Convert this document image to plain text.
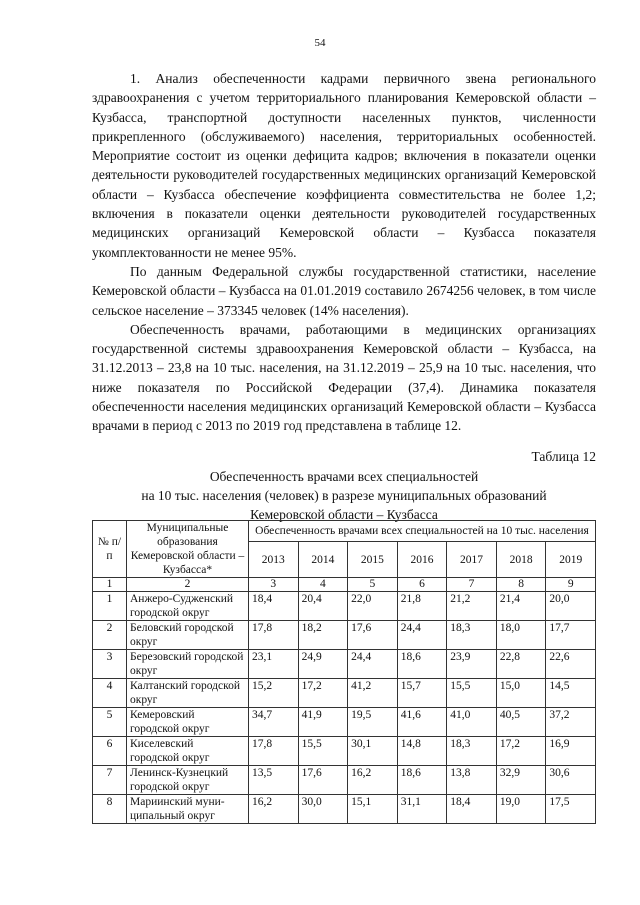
54

1. Анализ обеспеченности кадрами первичного звена регионального здравоохранения с учетом территориального планирования Кемеровской области – Кузбасса, транспортной доступности населенных пунктов, численности прикрепленного (обслуживаемого) населения, территориальных особенностей. Мероприятие состоит из оценки дефицита кадров; включения в показатели оценки деятельности руководителей государственных медицинских организаций Кемеровской области – Кузбасса обеспечение коэффициента совместительства не более 1,2; включения в показатели оценки деятельности руководителей государственных медицинских организаций Кемеровской области – Кузбасса показателя укомплектованности не менее 95%.

По данным Федеральной службы государственной статистики, население Кемеровской области – Кузбасса на 01.01.2019 составило 2674256 человек, в том числе сельское население – 373345 человек (14% населения).

Обеспеченность врачами, работающими в медицинских организациях государственной системы здравоохранения Кемеровской области – Кузбасса, на 31.12.2013 – 23,8 на 10 тыс. населения, на 31.12.2019 – 25,9 на 10 тыс. населения, что ниже показателя по Российской Федерации (37,4). Динамика показателя обеспеченности населения медицинских организаций Кемеровской области – Кузбасса врачами в период с 2013 по 2019 год представлена в таблице 12.

Таблица 12
Обеспеченность врачами всех специальностей
на 10 тыс. населения (человек) в разрезе муниципальных образований
Кемеровской области – Кузбасса
№ п/п	Муниципальные образования Кемеровской области – Кузбасса*	Обеспеченность врачами всех специальностей на 10 тыс. населения						
		2013	2014	2015	2016	2017	2018	2019
1	2	3	4	5	6	7	8	9
1	Анжеро-Судженский городской округ	18,4	20,4	22,0	21,8	21,2	21,4	20,0
2	Беловский городской округ	17,8	18,2	17,6	24,4	18,3	18,0	17,7
3	Березовский городской округ	23,1	24,9	24,4	18,6	23,9	22,8	22,6
4	Калтанский городской округ	15,2	17,2	41,2	15,7	15,5	15,0	14,5
5	Кемеровский городской округ	34,7	41,9	19,5	41,6	41,0	40,5	37,2
6	Киселевский городской округ	17,8	15,5	30,1	14,8	18,3	17,2	16,9
7	Ленинск-Кузнецкий городской округ	13,5	17,6	16,2	18,6	13,8	32,9	30,6
8	Мариинский муни-ципальный округ	16,2	30,0	15,1	31,1	18,4	19,0	17,5
